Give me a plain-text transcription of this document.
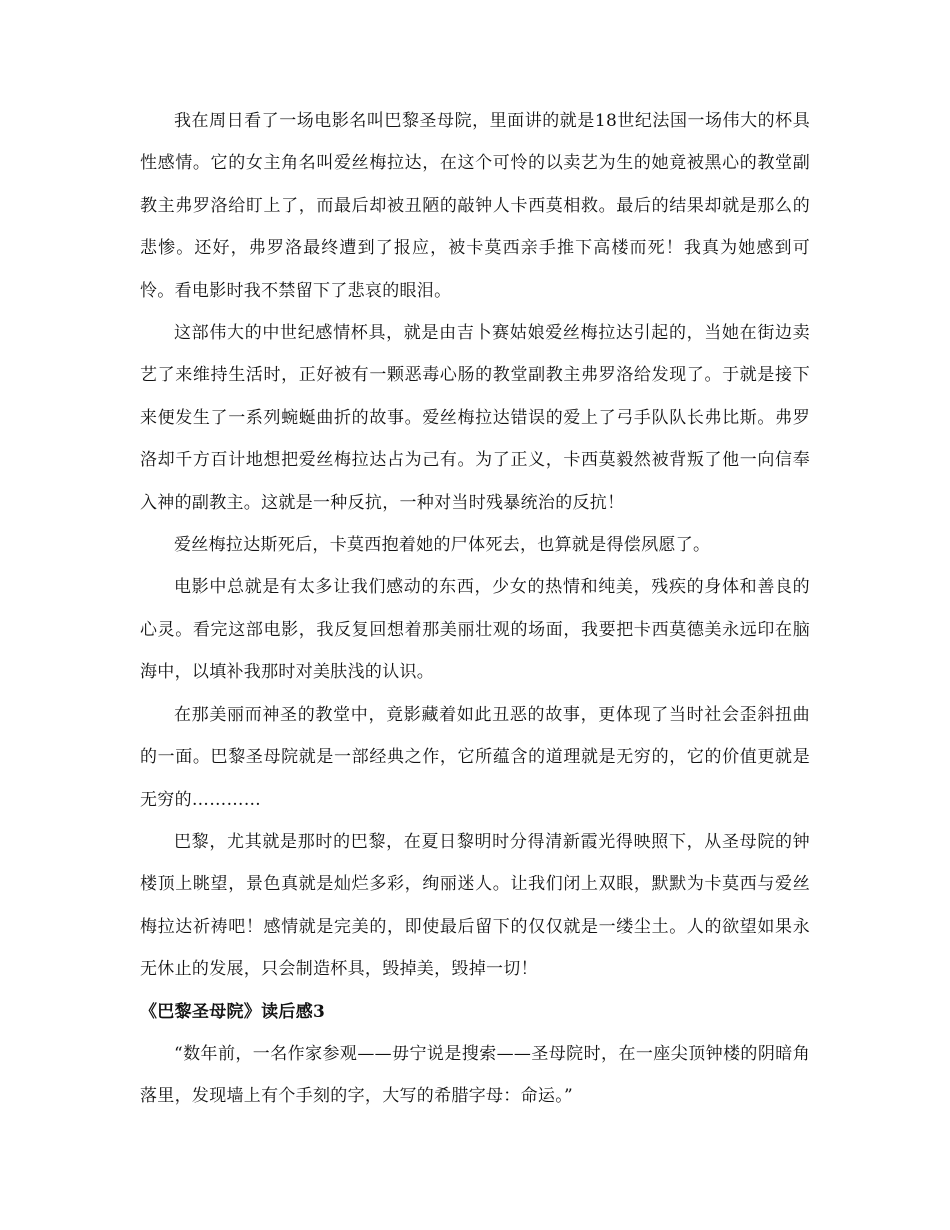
我在周日看了一场电影名叫巴黎圣母院，里面讲的就是18世纪法国一场伟大的杯具性感情。它的女主角名叫爱丝梅拉达，在这个可怜的以卖艺为生的她竟被黑心的教堂副教主弗罗洛给盯上了，而最后却被丑陋的敲钟人卡西莫相救。最后的结果却就是那么的悲惨。还好，弗罗洛最终遭到了报应，被卡莫西亲手推下高楼而死！我真为她感到可怜。看电影时我不禁留下了悲哀的眼泪。

这部伟大的中世纪感情杯具，就是由吉卜赛姑娘爱丝梅拉达引起的，当她在街边卖艺了来维持生活时，正好被有一颗恶毒心肠的教堂副教主弗罗洛给发现了。于就是接下来便发生了一系列蜿蜒曲折的故事。爱丝梅拉达错误的爱上了弓手队队长弗比斯。弗罗洛却千方百计地想把爱丝梅拉达占为己有。为了正义，卡西莫毅然被背叛了他一向信奉入神的副教主。这就是一种反抗，一种对当时残暴统治的反抗！

爱丝梅拉达斯死后，卡莫西抱着她的尸体死去，也算就是得偿夙愿了。

电影中总就是有太多让我们感动的东西，少女的热情和纯美，残疾的身体和善良的心灵。看完这部电影，我反复回想着那美丽壮观的场面，我要把卡西莫德美永远印在脑海中，以填补我那时对美肤浅的认识。

在那美丽而神圣的教堂中，竟影藏着如此丑恶的故事，更体现了当时社会歪斜扭曲的一面。巴黎圣母院就是一部经典之作，它所蕴含的道理就是无穷的，它的价值更就是无穷的…………

巴黎，尤其就是那时的巴黎，在夏日黎明时分得清新霞光得映照下，从圣母院的钟楼顶上眺望，景色真就是灿烂多彩，绚丽迷人。让我们闭上双眼，默默为卡莫西与爱丝梅拉达祈祷吧！感情就是完美的，即使最后留下的仅仅就是一缕尘土。人的欲望如果永无休止的发展，只会制造杯具，毁掉美，毁掉一切！

《巴黎圣母院》读后感3

“数年前，一名作家参观——毋宁说是搜索——圣母院时，在一座尖顶钟楼的阴暗角落里，发现墙上有个手刻的字，大写的希腊字母：命运。”
